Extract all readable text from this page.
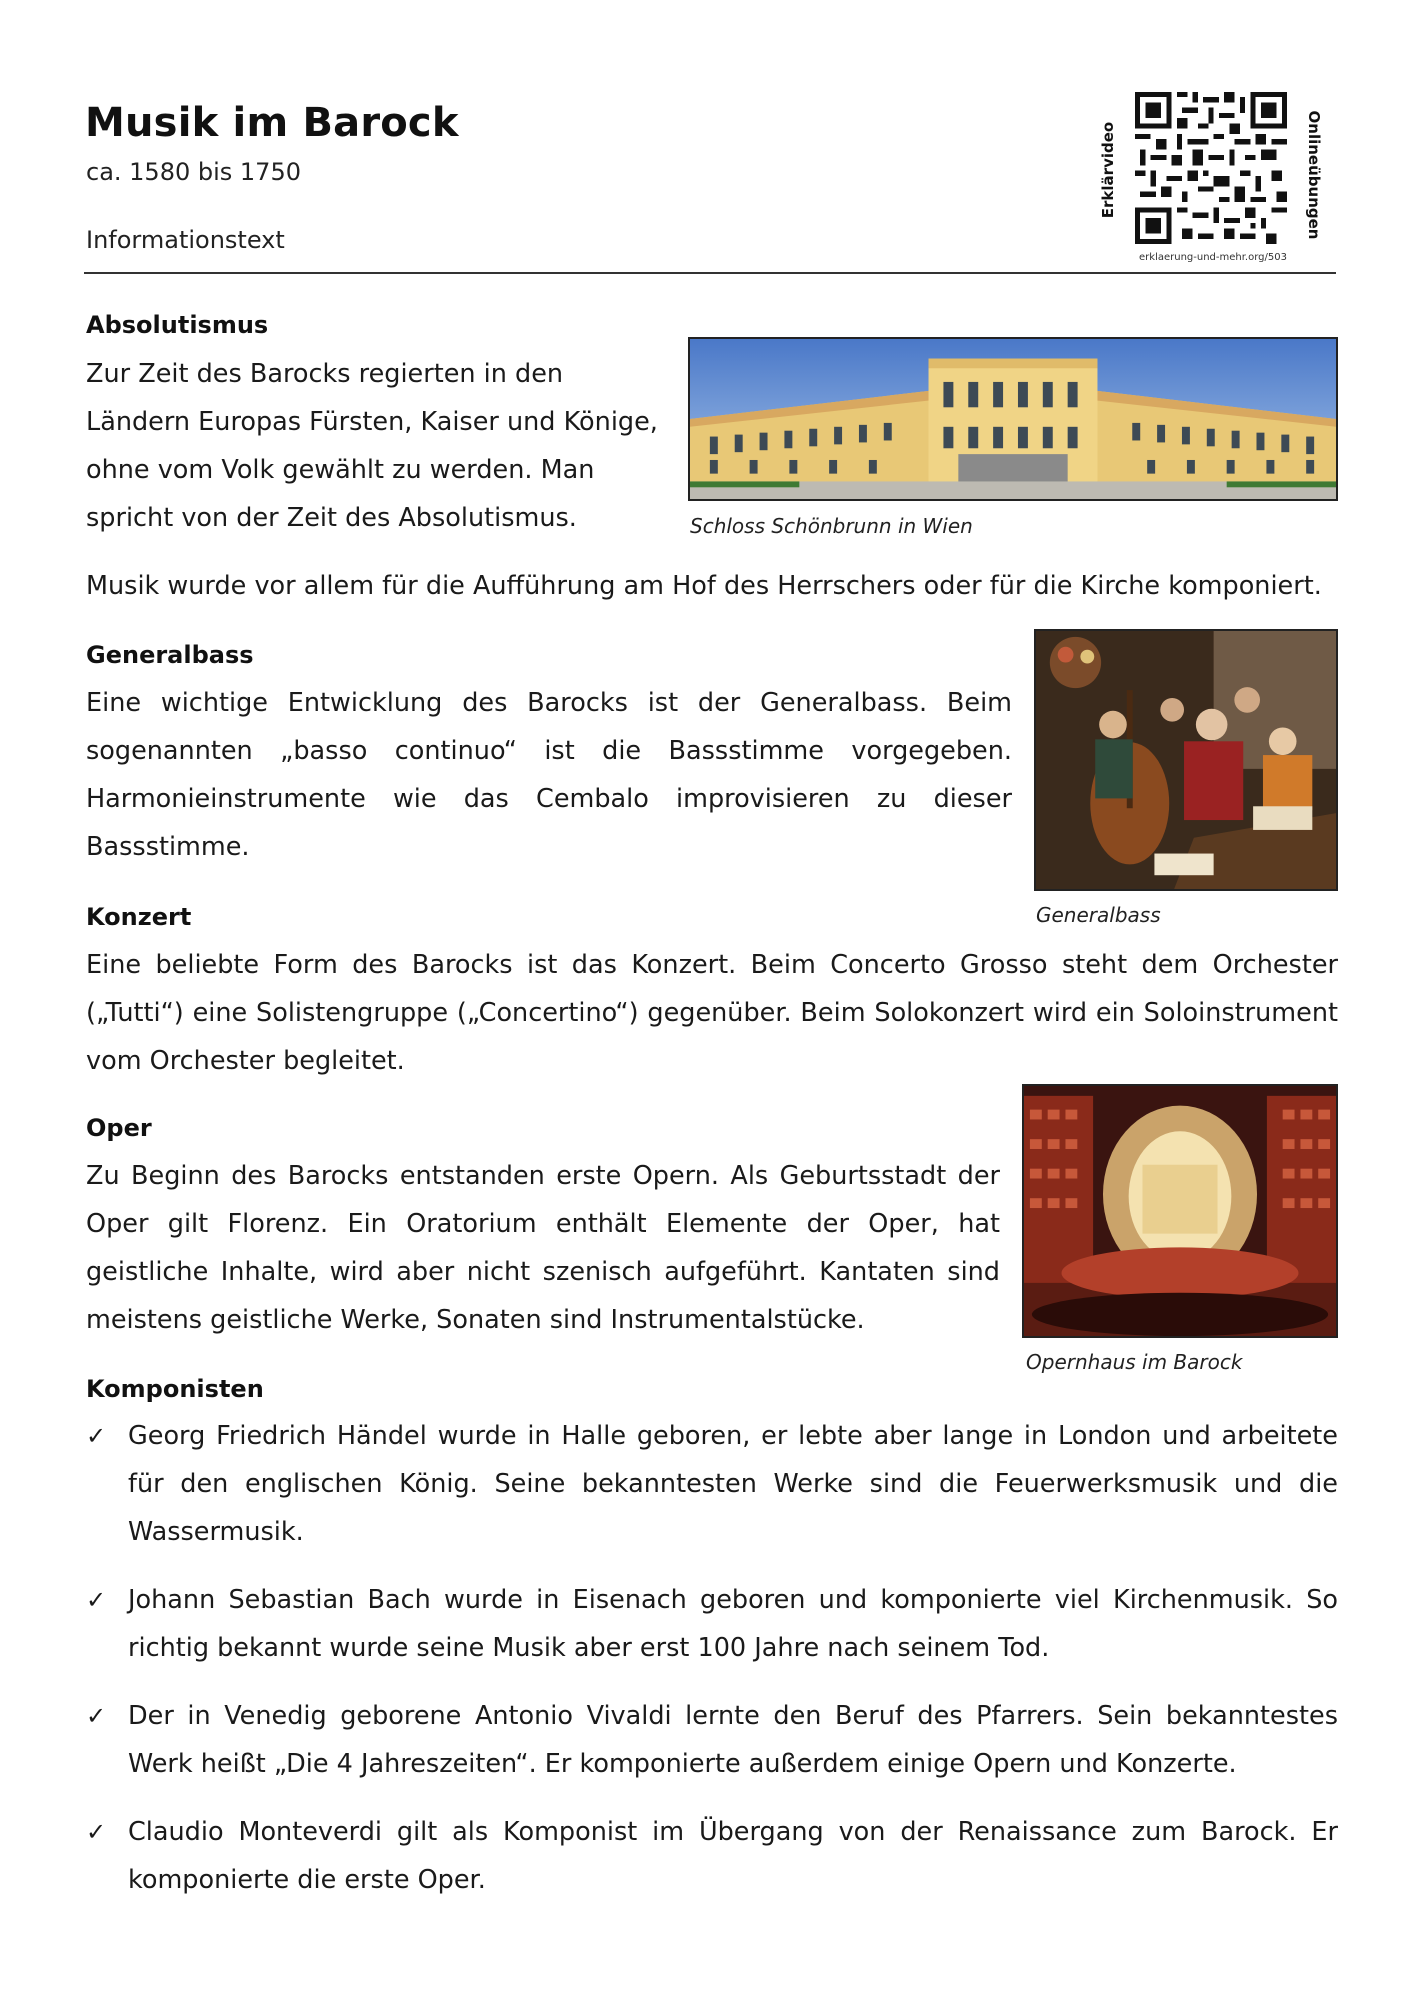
Musik im Barock
ca. 1580 bis 1750
Informationstext
Erklärvideo	Onlineübungen
erklaerung-und-mehr.org/503
Absolutismus
Zur Zeit des Barocks regierten in den Ländern Europas Fürsten, Kaiser und Könige, ohne vom Volk gewählt zu werden. Man spricht von der Zeit des Absolutismus.	Schloss Schönbrunn in Wien
Musik wurde vor allem für die Aufführung am Hof des Herrschers oder für die Kirche komponiert.
Generalbass
Eine wichtige Entwicklung des Barocks ist der Generalbass. Beim sogenannten „basso continuo“ ist die Bassstimme vorgegeben. Harmonieinstrumente wie das Cembalo improvisieren zu dieser Bassstimme.
Generalbass
Konzert
Eine beliebte Form des Barocks ist das Konzert. Beim Concerto Grosso steht dem Orchester („Tutti“) eine Solistengruppe („Concertino“) gegenüber. Beim Solokonzert wird ein Soloinstrument vom Orchester begleitet.
Oper
Zu Beginn des Barocks entstanden erste Opern. Als Geburtsstadt der Oper gilt Florenz. Ein Oratorium enthält Elemente der Oper, hat geistliche Inhalte, wird aber nicht szenisch aufgeführt. Kantaten sind meistens geistliche Werke, Sonaten sind Instrumentalstücke.
Opernhaus im Barock
Komponisten
✓ Georg Friedrich Händel wurde in Halle geboren, er lebte aber lange in London und arbeitete für den englischen König. Seine bekanntesten Werke sind die Feuerwerksmusik und die Wassermusik.
✓ Johann Sebastian Bach wurde in Eisenach geboren und komponierte viel Kirchenmusik. So richtig bekannt wurde seine Musik aber erst 100 Jahre nach seinem Tod.
✓ Der in Venedig geborene Antonio Vivaldi lernte den Beruf des Pfarrers. Sein bekanntestes Werk heißt „Die 4 Jahreszeiten“. Er komponierte außerdem einige Opern und Konzerte.
✓ Claudio Monteverdi gilt als Komponist im Übergang von der Renaissance zum Barock. Er komponierte die erste Oper.
